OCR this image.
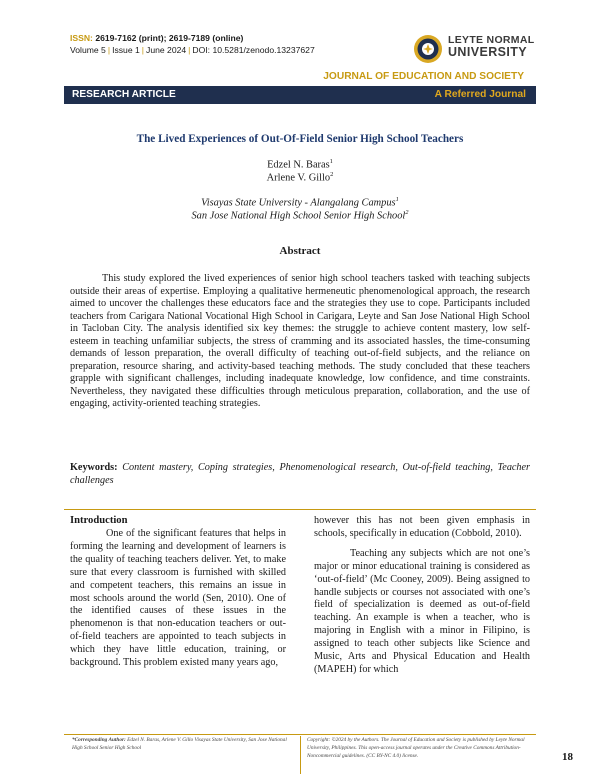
ISSN: 2619-7162 (print); 2619-7189 (online)
Volume 5 | Issue 1 | June 2024 | DOI: 10.5281/zenodo.13237627
LEYTE NORMAL
UNIVERSITY
JOURNAL OF EDUCATION AND SOCIETY
RESEARCH ARTICLE	A Referred Journal
The Lived Experiences of Out-Of-Field Senior High School Teachers
Edzel N. Baras$^1$
Arlene V. Gillo$^2$
Visayas State University - Alangalang Campus$^1$
San Jose National High School Senior High School$^2$
Abstract

This study explored the lived experiences of senior high school teachers tasked with teaching subjects outside their areas of expertise. Employing a qualitative hermeneutic phenomenological approach, the research aimed to uncover the challenges these educators face and the strategies they use to cope. Participants included teachers from Carigara National Vocational High School in Carigara, Leyte and San Jose National High School in Tacloban City. The analysis identified six key themes: the struggle to achieve content mastery, low self-esteem in teaching unfamiliar subjects, the stress of cramming and its associated hassles, the time-consuming demands of lesson preparation, the overall difficulty of teaching out-of-field subjects, and the reliance on preparation, resource sharing, and activity-based teaching methods. The study concluded that these teachers grapple with significant challenges, including inadequate knowledge, low confidence, and time constraints. Nevertheless, they navigated these difficulties through meticulous preparation, collaboration, and the use of engaging, activity-oriented teaching strategies.

Keywords: Content mastery, Coping strategies, Phenomenological research, Out-of-field teaching, Teacher challenges

Introduction

One of the significant features that helps in forming the learning and development of learners is the quality of teaching teachers deliver. Yet, to make sure that every classroom is furnished with skilled and competent teachers, this remains an issue in most schools around the world (Sen, 2010). One of the identified causes of these issues in the phenomenon is that non-education teachers or out-of-field teachers are appointed to teach subjects in which they have little education, training, or background. This problem existed many years ago,

however this has not been given emphasis in schools, specifically in education (Cobbold, 2010).

Teaching any subjects which are not one’s major or minor educational training is considered as ‘out-of-field’ (Mc Cooney, 2009). Being assigned to handle subjects or courses not associated with one’s field of specialization is deemed as out-of-field teaching. An example is when a teacher, who is majoring in English with a minor in Filipino, is assigned to teach other subjects like Science and Music, Arts and Physical Education and Health (MAPEH) for which

*Corresponding Author: Edzel N. Baras, Arlene V. Gillo Visayas State University, San Jose National High School Senior High School
Copyright: ©2024 by the Authors. The Journal of Education and Society is published by Leyte Normal University, Philippines. This open-access journal operates under the Creative Commons Attribution-Noncommercial guidelines. (CC BY-NC 4.0) license.	18
